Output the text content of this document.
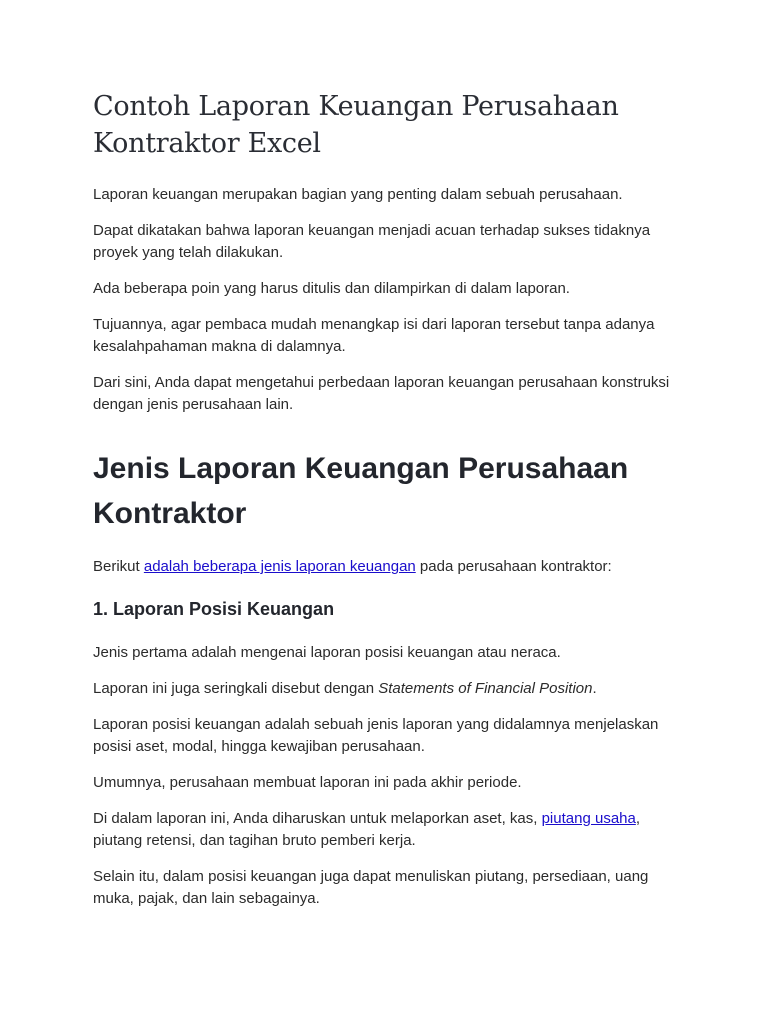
Contoh Laporan Keuangan Perusahaan Kontraktor Excel

Laporan keuangan merupakan bagian yang penting dalam sebuah perusahaan.

Dapat dikatakan bahwa laporan keuangan menjadi acuan terhadap sukses tidaknya proyek yang telah dilakukan.

Ada beberapa poin yang harus ditulis dan dilampirkan di dalam laporan.

Tujuannya, agar pembaca mudah menangkap isi dari laporan tersebut tanpa adanya kesalahpahaman makna di dalamnya.

Dari sini, Anda dapat mengetahui perbedaan laporan keuangan perusahaan konstruksi dengan jenis perusahaan lain.

Jenis Laporan Keuangan Perusahaan Kontraktor

Berikut adalah beberapa jenis laporan keuangan pada perusahaan kontraktor:

1. Laporan Posisi Keuangan

Jenis pertama adalah mengenai laporan posisi keuangan atau neraca.

Laporan ini juga seringkali disebut dengan Statements of Financial Position.

Laporan posisi keuangan adalah sebuah jenis laporan yang didalamnya menjelaskan posisi aset, modal, hingga kewajiban perusahaan.

Umumnya, perusahaan membuat laporan ini pada akhir periode.

Di dalam laporan ini, Anda diharuskan untuk melaporkan aset, kas, piutang usaha, piutang retensi, dan tagihan bruto pemberi kerja.

Selain itu, dalam posisi keuangan juga dapat menuliskan piutang, persediaan, uang muka, pajak, dan lain sebagainya.
